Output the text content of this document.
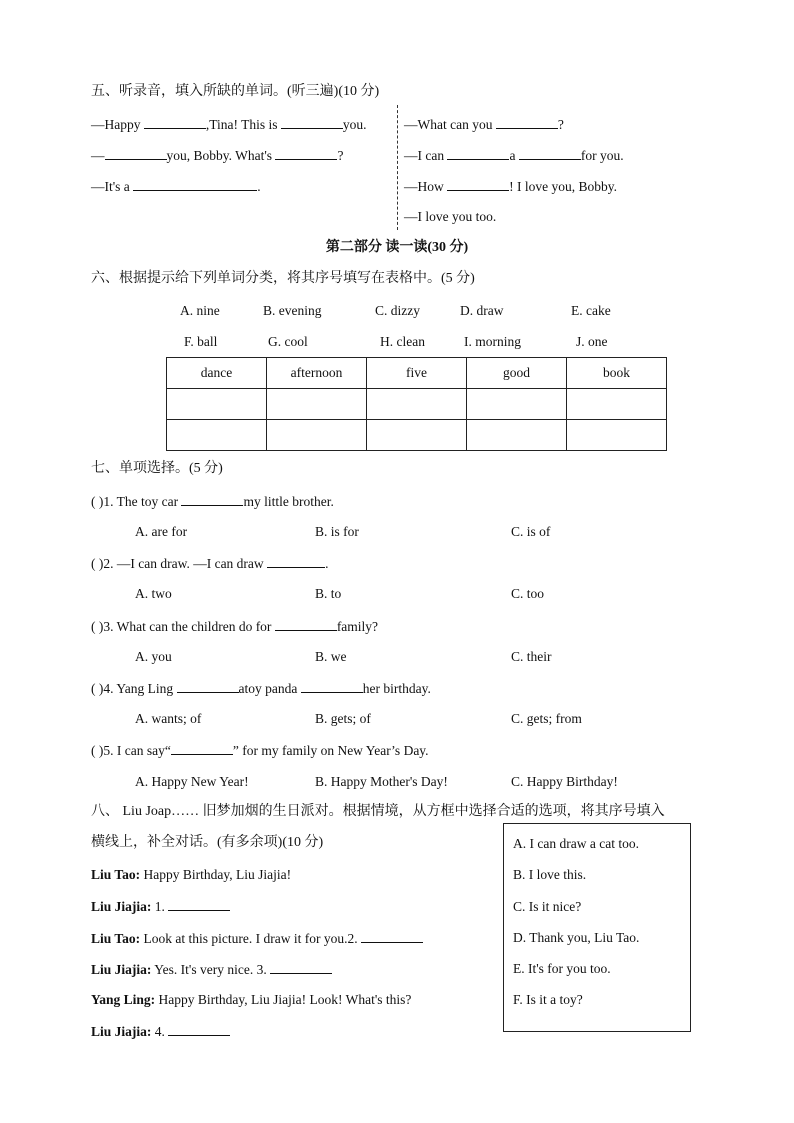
五、听录音，填入所缺的单词。(听三遍)(10 分)
—Happy	,Tina! This is	you.
—	you, Bobby. What's	?
—It's a	.
—What can you	?
—I can	a	for you.
—How	! I love you, Bobby.
—I love you too.
第二部分 读一读(30 分)
六、根据提示给下列单词分类，将其序号填写在表格中。(5 分)
A. nine	B. evening	C. dizzy	D. draw	E. cake
F. ball	G. cool	H. clean	I. morning	J. one
dance	afternoon	five	good	book

七、单项选择。(5 分)
( )1. The toy car	my little brother.
A. are for	B. is for	C. is of
( )2. —I can draw. —I can draw	.
A. two	B. to	C. too
( )3. What can the children do for	family?
A. you	B. we	C. their
( )4. Yang Ling	atoy panda	her birthday.
A. wants; of	B. gets; of	C. gets; from
( )5. I can say“	” for my family on New Year’s Day.
A. Happy New Year!	B. Happy Mother's Day!	C. Happy Birthday!
八、 Liu Joap…… 旧梦加烟的生日派对。根据情境，从方框中选择合适的选项，将其序号填入
横线上，补全对话。(有多余项)(10 分)
Liu Tao: Happy Birthday, Liu Jiajia!
Liu Jiajia: 1.
Liu Tao: Look at this picture. I draw it for you.2.
Liu Jiajia: Yes. It's very nice. 3.
Yang Ling: Happy Birthday, Liu Jiajia! Look! What's this?
Liu Jiajia: 4.
A. I can draw a cat too.
B. I love this.
C. Is it nice?
D. Thank you, Liu Tao.
E. It's for you too.
F. Is it a toy?
